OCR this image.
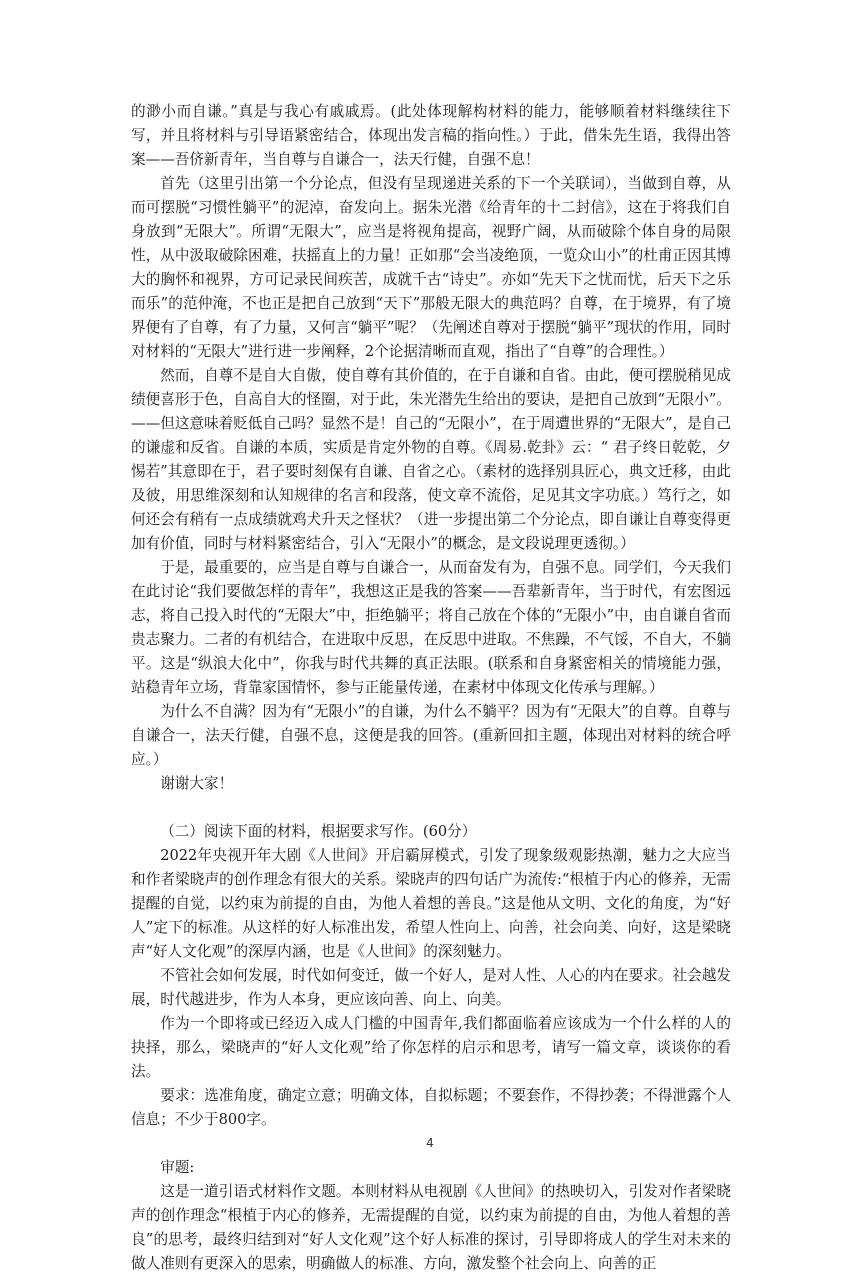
的渺小而自谦。”真是与我心有戚戚焉。(此处体现解构材料的能力，能够顺着材料继续往下写，并且将材料与引导语紧密结合，体现出发言稿的指向性。）于此，借朱先生语，我得出答案——吾侪新青年，当自尊与自谦合一，法天行健，自强不息！

首先（这里引出第一个分论点，但没有呈现递进关系的下一个关联词），当做到自尊，从而可摆脱“习惯性躺平”的泥淖，奋发向上。据朱光潜《给青年的十二封信》，这在于将我们自身放到“无限大”。所谓“无限大”，应当是将视角提高，视野广阔，从而破除个体自身的局限性，从中汲取破除困难，扶摇直上的力量！正如那“会当凌绝顶，一览众山小”的杜甫正因其博大的胸怀和视界，方可记录民间疾苦，成就千古“诗史”。亦如“先天下之忧而忧，后天下之乐而乐”的范仲淹，不也正是把自己放到“天下”那般无限大的典范吗？自尊，在于境界，有了境界便有了自尊，有了力量，又何言“躺平”呢？（先阐述自尊对于摆脱“躺平”现状的作用，同时对材料的“无限大”进行进一步阐释，2个论据清晰而直观，指出了“自尊”的合理性。）

然而，自尊不是自大自傲，使自尊有其价值的，在于自谦和自省。由此，便可摆脱稍见成绩便喜形于色，自高自大的怪圈，对于此，朱光潜先生给出的要诀，是把自己放到“无限小”。——但这意味着贬低自己吗？显然不是！自己的“无限小”，在于周遭世界的“无限大”，是自己的谦虚和反省。自谦的本质，实质是肯定外物的自尊。《周易.乾卦》云：“ 君子终日乾乾，夕惕若”其意即在于，君子要时刻保有自谦、自省之心。（素材的选择别具匠心，典文迁移，由此及彼，用思维深刻和认知规律的名言和段落，使文章不流俗，足见其文字功底。）笃行之，如何还会有稍有一点成绩就鸡犬升天之怪状？（进一步提出第二个分论点，即自谦让自尊变得更加有价值，同时与材料紧密结合，引入“无限小”的概念，是文段说理更透彻。）

于是，最重要的，应当是自尊与自谦合一，从而奋发有为，自强不息。同学们，今天我们在此讨论“我们要做怎样的青年”，我想这正是我的答案——吾辈新青年，当于时代，有宏图远志，将自己投入时代的“无限大”中，拒绝躺平；将自己放在个体的“无限小”中，由自谦自省而贵志聚力。二者的有机结合，在进取中反思，在反思中进取。不焦躁，不气馁，不自大，不躺平。这是“纵浪大化中”，你我与时代共舞的真正法眼。(联系和自身紧密相关的情境能力强，站稳青年立场，背靠家国情怀，参与正能量传递，在素材中体现文化传承与理解。）

为什么不自满？因为有“无限小”的自谦，为什么不躺平？因为有“无限大”的自尊。自尊与自谦合一，法天行健，自强不息，这便是我的回答。(重新回扣主题，体现出对材料的统合呼应。）

谢谢大家！

（二）阅读下面的材料，根据要求写作。(60分）

2022年央视开年大剧《人世间》开启霸屏模式，引发了现象级观影热潮，魅力之大应当和作者梁晓声的创作理念有很大的关系。梁晓声的四句话广为流传:“根植于内心的修养，无需提醒的自觉，以约束为前提的自由，为他人着想的善良。”这是他从文明、文化的角度，为“好人”定下的标准。从这样的好人标准出发，希望人性向上、向善，社会向美、向好，这是梁晓声“好人文化观”的深厚内涵，也是《人世间》的深刻魅力。

不管社会如何发展，时代如何变迁，做一个好人，是对人性、人心的内在要求。社会越发展，时代越进步，作为人本身，更应该向善、向上、向美。

作为一个即将或已经迈入成人门槛的中国青年,我们都面临着应该成为一个什么样的人的抉择，那么，梁晓声的“好人文化观”给了你怎样的启示和思考，请写一篇文章，谈谈你的看法。

要求：选准角度，确定立意；明确文体，自拟标题；不要套作，不得抄袭；不得泄露个人信息；不少于800字。

审题:

这是一道引语式材料作文题。本则材料从电视剧《人世间》的热映切入，引发对作者梁晓声的创作理念“根植于内心的修养，无需提醒的自觉，以约束为前提的自由，为他人着想的善良”的思考，最终归结到对“好人文化观”这个好人标准的探讨，引导即将成人的学生对未来的做人准则有更深入的思索，明确做人的标准、方向，激发整个社会向上、向善的正

4
